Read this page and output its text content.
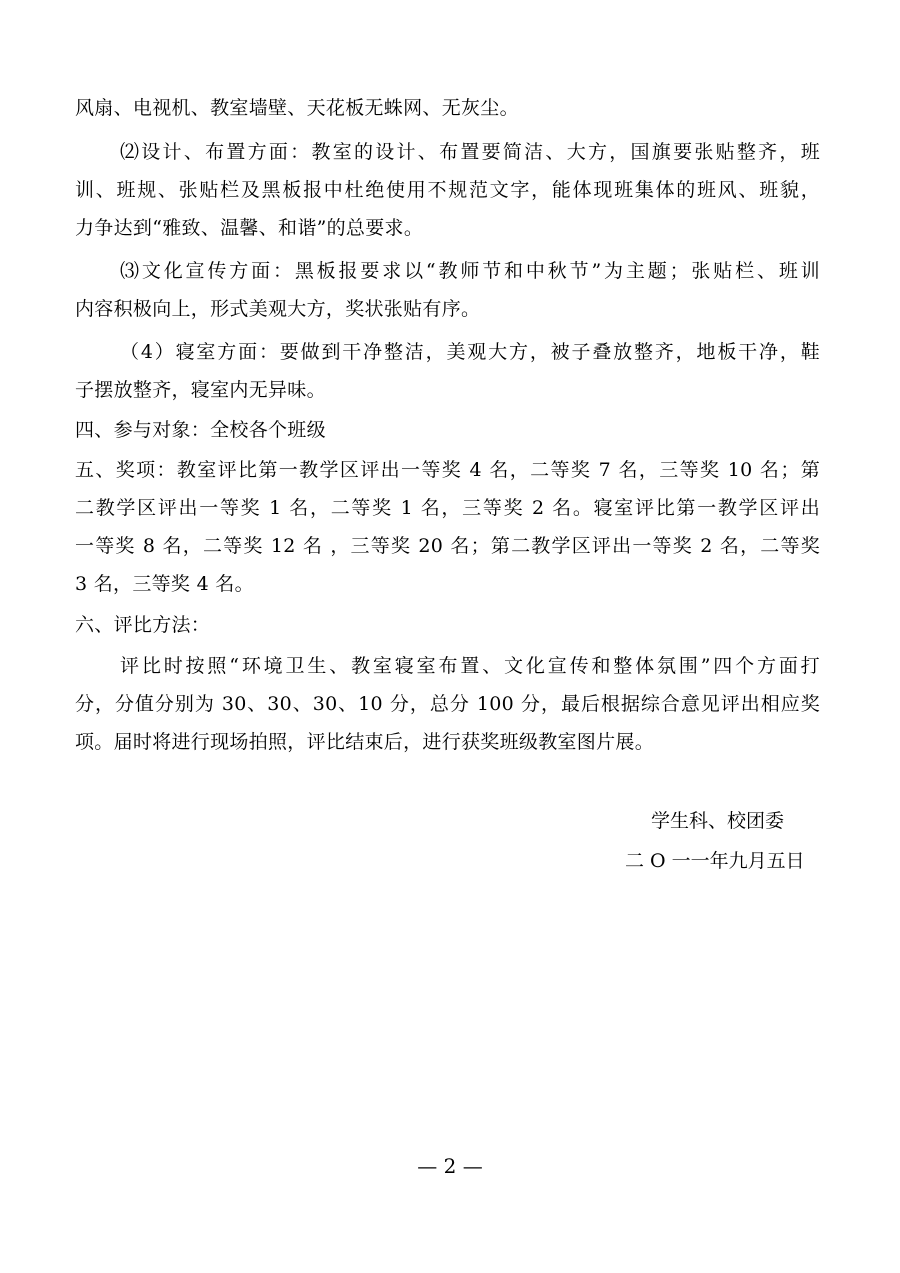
风扇、电视机、教室墙壁、天花板无蛛网、无灰尘。
⑵设计、布置方面：教室的设计、布置要简洁、大方，国旗要张贴整齐，班
训、班规、张贴栏及黑板报中杜绝使用不规范文字，能体现班集体的班风、班貌，
力争达到“雅致、温馨、和谐”的总要求。
⑶文化宣传方面：黑板报要求以“教师节和中秋节”为主题；张贴栏、班训
内容积极向上，形式美观大方，奖状张贴有序。
（4）寝室方面：要做到干净整洁，美观大方，被子叠放整齐，地板干净，鞋
子摆放整齐，寝室内无异味。
四、参与对象：全校各个班级
五、奖项：教室评比第一教学区评出一等奖 4 名，二等奖 7 名，三等奖 10 名；第
二教学区评出一等奖 1 名，二等奖 1 名，三等奖 2 名。寝室评比第一教学区评出
一等奖 8 名，二等奖 12 名 ，三等奖 20 名；第二教学区评出一等奖 2 名，二等奖
3 名，三等奖 4 名。
六、评比方法：
评比时按照“环境卫生、教室寝室布置、文化宣传和整体氛围”四个方面打
分，分值分别为 30、30、30、10 分，总分 100 分，最后根据综合意见评出相应奖
项。届时将进行现场拍照，评比结束后，进行获奖班级教室图片展。
学生科、校团委
二 O 一一年九月五日
— 2 —
